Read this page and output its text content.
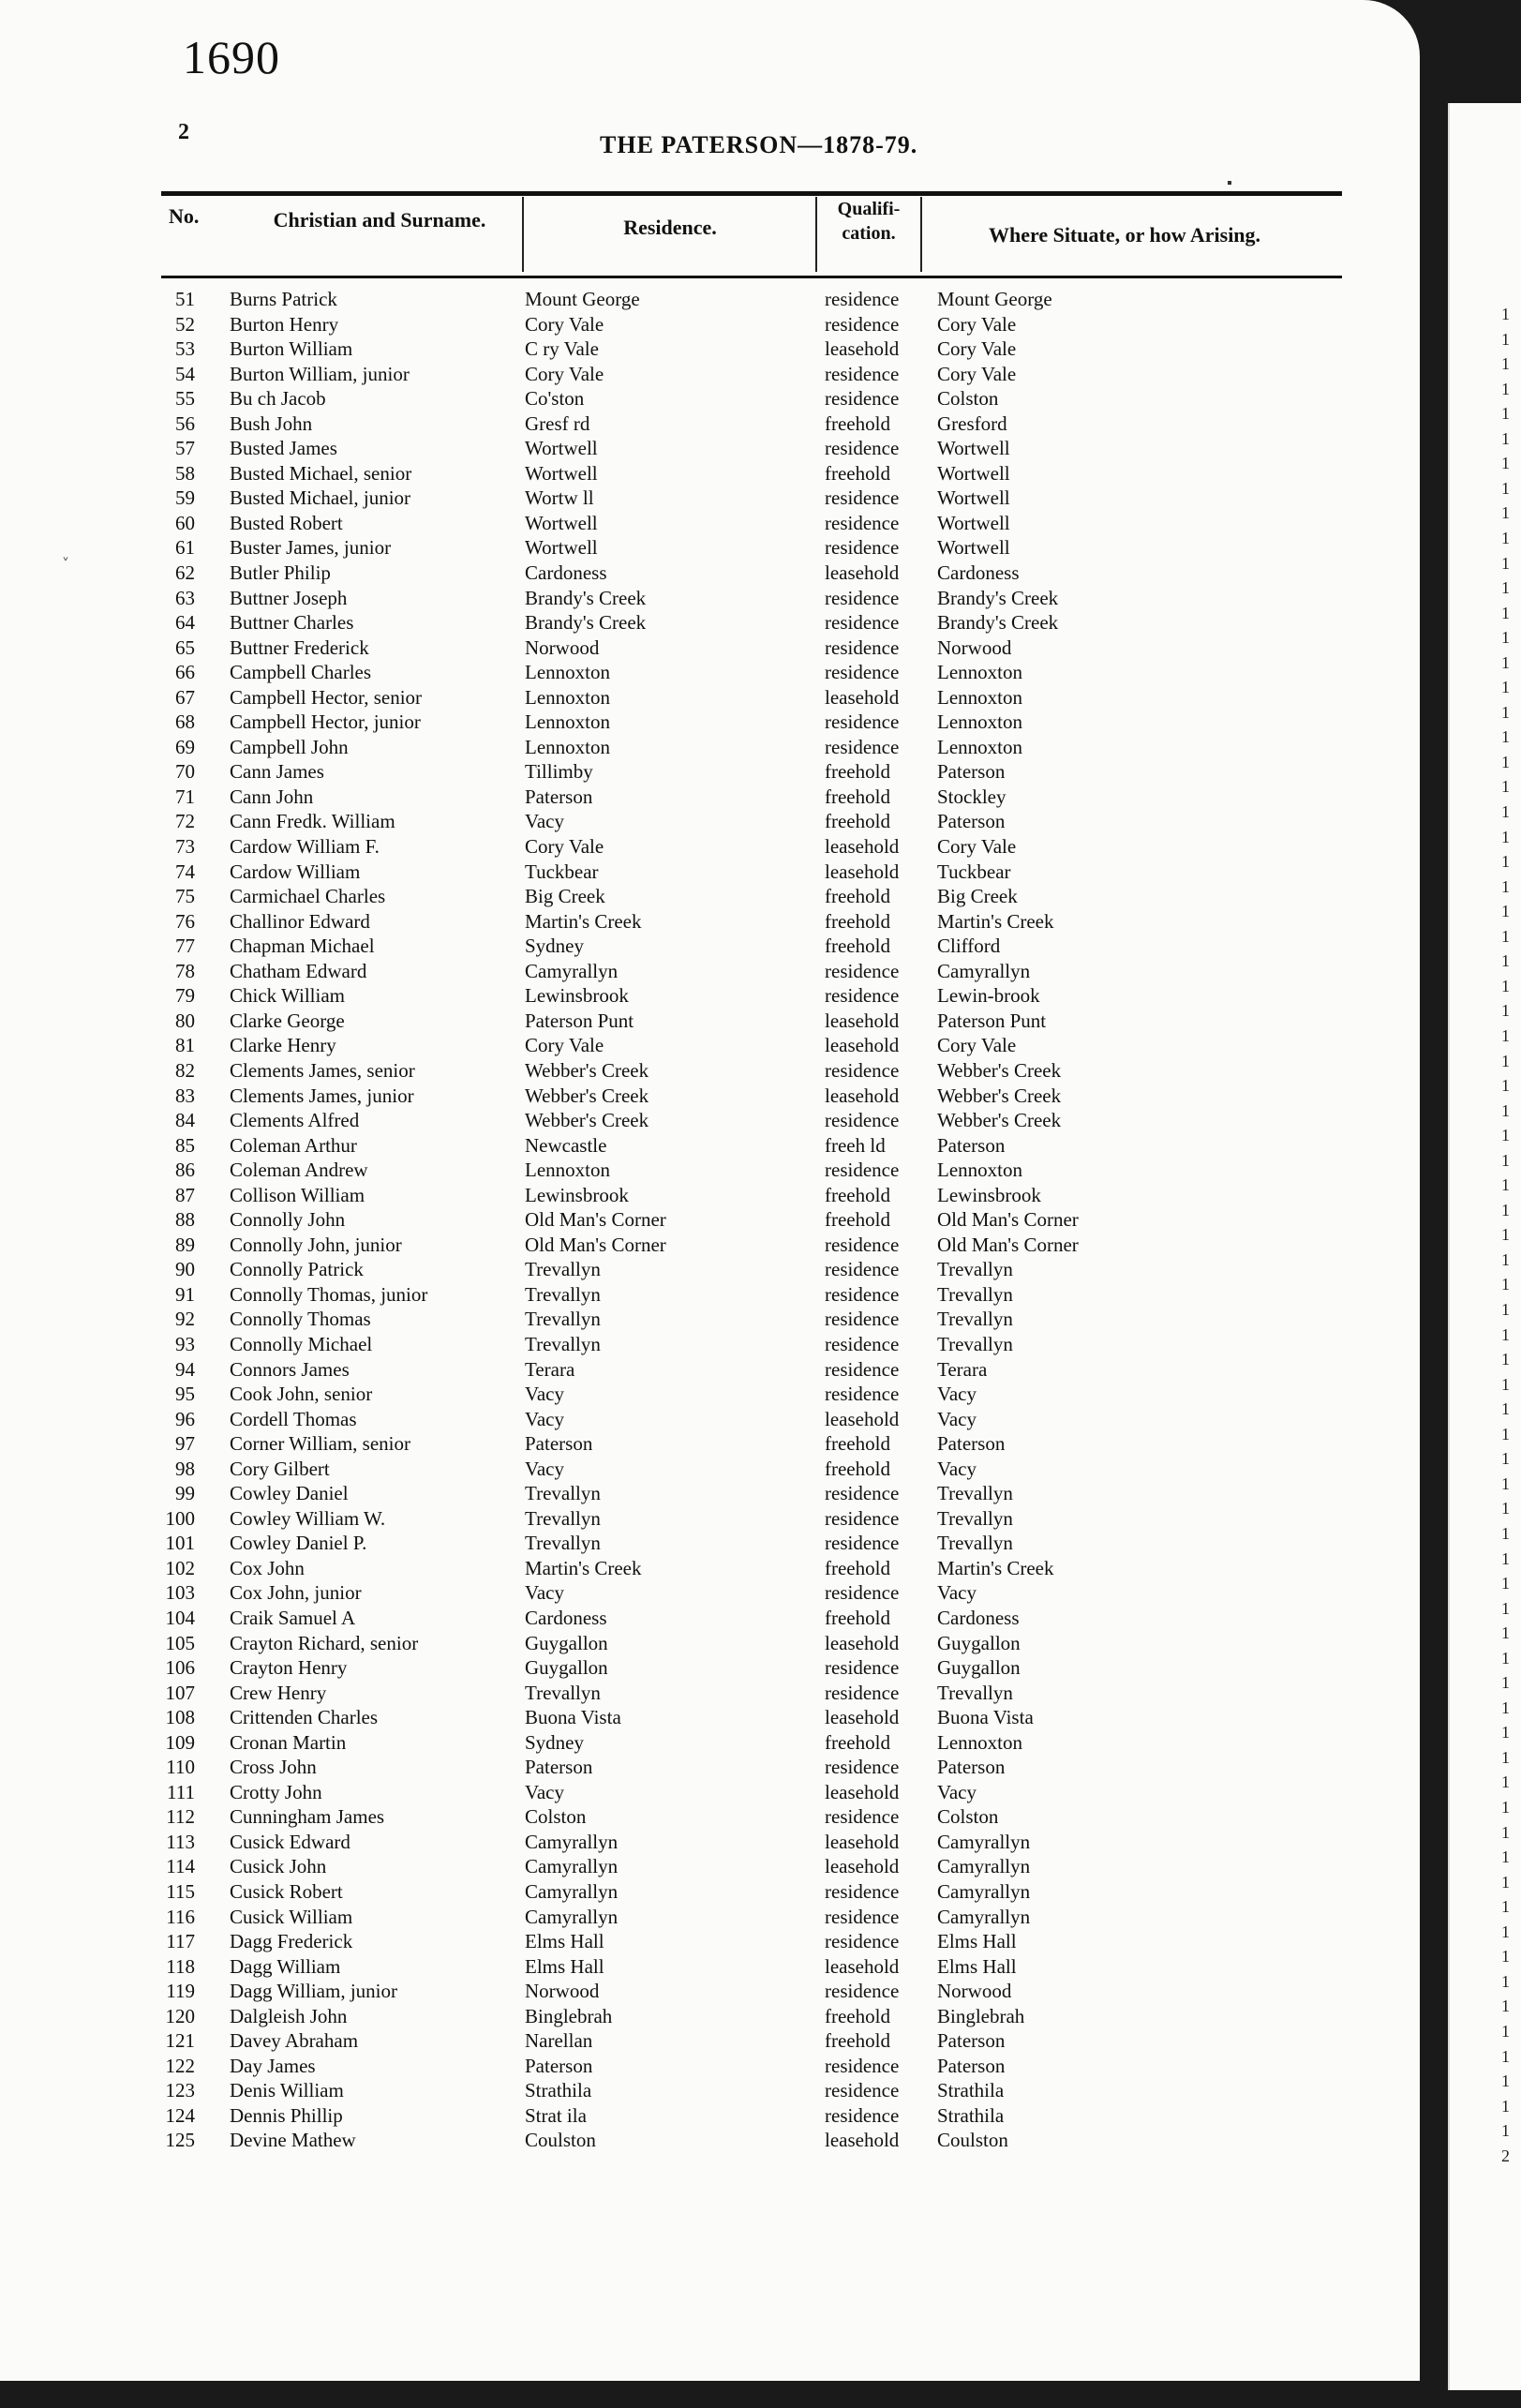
1690
2	THE PATERSON—1878-79.
No.	Christian and Surname.	Residence.
Qualifi-
cation.	Where Situate, or how Arising.
˅
51 Burns Patrick	Mount George	residence Mount George
52 Burton Henry	Cory Vale	residence Cory Vale
53 Burton William	C ry Vale	leasehold Cory Vale
54 Burton William, junior	Cory Vale	residence Cory Vale
55 Bu ch Jacob	Co'ston	residence Colston
56 Bush John	Gresf rd	freehold Gresford
57 Busted James	Wortwell	residence Wortwell
58 Busted Michael, senior	Wortwell	freehold Wortwell
59 Busted Michael, junior	Wortw ll	residence Wortwell
60 Busted Robert	Wortwell	residence Wortwell
61 Buster James, junior	Wortwell	residence Wortwell
62 Butler Philip	Cardoness	leasehold Cardoness
63 Buttner Joseph	Brandy's Creek	residence Brandy's Creek
64 Buttner Charles	Brandy's Creek	residence Brandy's Creek
65 Buttner Frederick	Norwood	residence Norwood
66 Campbell Charles	Lennoxton	residence Lennoxton
67 Campbell Hector, senior	Lennoxton	leasehold Lennoxton
68 Campbell Hector, junior	Lennoxton	residence Lennoxton
69 Campbell John	Lennoxton	residence Lennoxton
70 Cann James	Tillimby	freehold Paterson
71 Cann John	Paterson	freehold Stockley
72 Cann Fredk. William	Vacy	freehold Paterson
73 Cardow William F.	Cory Vale	leasehold Cory Vale
74 Cardow William	Tuckbear	leasehold Tuckbear
75 Carmichael Charles	Big Creek	freehold Big Creek
76 Challinor Edward	Martin's Creek	freehold Martin's Creek
77 Chapman Michael	Sydney	freehold Clifford
78 Chatham Edward	Camyrallyn	residence Camyrallyn
79 Chick William	Lewinsbrook	residence Lewin-brook
80 Clarke George	Paterson Punt	leasehold Paterson Punt
81 Clarke Henry	Cory Vale	leasehold Cory Vale
82 Clements James, senior	Webber's Creek	residence Webber's Creek
83 Clements James, junior	Webber's Creek	leasehold Webber's Creek
84 Clements Alfred	Webber's Creek	residence Webber's Creek
85 Coleman Arthur	Newcastle	freeh ld	Paterson
86 Coleman Andrew	Lennoxton	residence Lennoxton
87 Collison William	Lewinsbrook	freehold Lewinsbrook
88 Connolly John	Old Man's Corner	freehold Old Man's Corner
89 Connolly John, junior	Old Man's Corner	residence Old Man's Corner
90 Connolly Patrick	Trevallyn	residence Trevallyn
91 Connolly Thomas, junior	Trevallyn	residence Trevallyn
92 Connolly Thomas	Trevallyn	residence Trevallyn
93 Connolly Michael	Trevallyn	residence Trevallyn
94 Connors James	Terara	residence Terara
95 Cook John, senior	Vacy	residence Vacy
96 Cordell Thomas	Vacy	leasehold Vacy
97 Corner William, senior	Paterson	freehold Paterson
98 Cory Gilbert	Vacy	freehold Vacy
99 Cowley Daniel	Trevallyn	residence Trevallyn
100 Cowley William W.	Trevallyn	residence Trevallyn
101 Cowley Daniel P.	Trevallyn	residence Trevallyn
102 Cox John	Martin's Creek	freehold Martin's Creek
103 Cox John, junior	Vacy	residence Vacy
104 Craik Samuel A	Cardoness	freehold Cardoness
105 Crayton Richard, senior	Guygallon	leasehold Guygallon
106 Crayton Henry	Guygallon	residence Guygallon
107 Crew Henry	Trevallyn	residence Trevallyn
108 Crittenden Charles	Buona Vista	leasehold Buona Vista
109 Cronan Martin	Sydney	freehold Lennoxton
110 Cross John	Paterson	residence Paterson
111 Crotty John	Vacy	leasehold Vacy
112 Cunningham James	Colston	residence Colston
113 Cusick Edward	Camyrallyn	leasehold Camyrallyn
114 Cusick John	Camyrallyn	leasehold Camyrallyn
115 Cusick Robert	Camyrallyn	residence Camyrallyn
116 Cusick William	Camyrallyn	residence Camyrallyn
117 Dagg Frederick	Elms Hall	residence Elms Hall
118 Dagg William	Elms Hall	leasehold Elms Hall
119 Dagg William, junior	Norwood	residence Norwood
120 Dalgleish John	Binglebrah	freehold Binglebrah
121 Davey Abraham	Narellan	freehold Paterson
122 Day James	Paterson	residence Paterson
123 Denis William	Strathila	residence Strathila
124 Dennis Phillip	Strat ila	residence Strathila
125 Devine Mathew	Coulston	leasehold Coulston
1
1
1
1
1
1
1
1
1
1
1
1
1
1
1
1
1
1
1
1
1
1
1
1
1
1
1
1
1
1
1
1
1
1
1
1
1
1
1
1
1
1
1
1
1
1
1
1
1
1
1
1
1
1
1
1
1
1
1
1
1
1
1
1
1
1
1
1
1
1
1
1
1
1
2
